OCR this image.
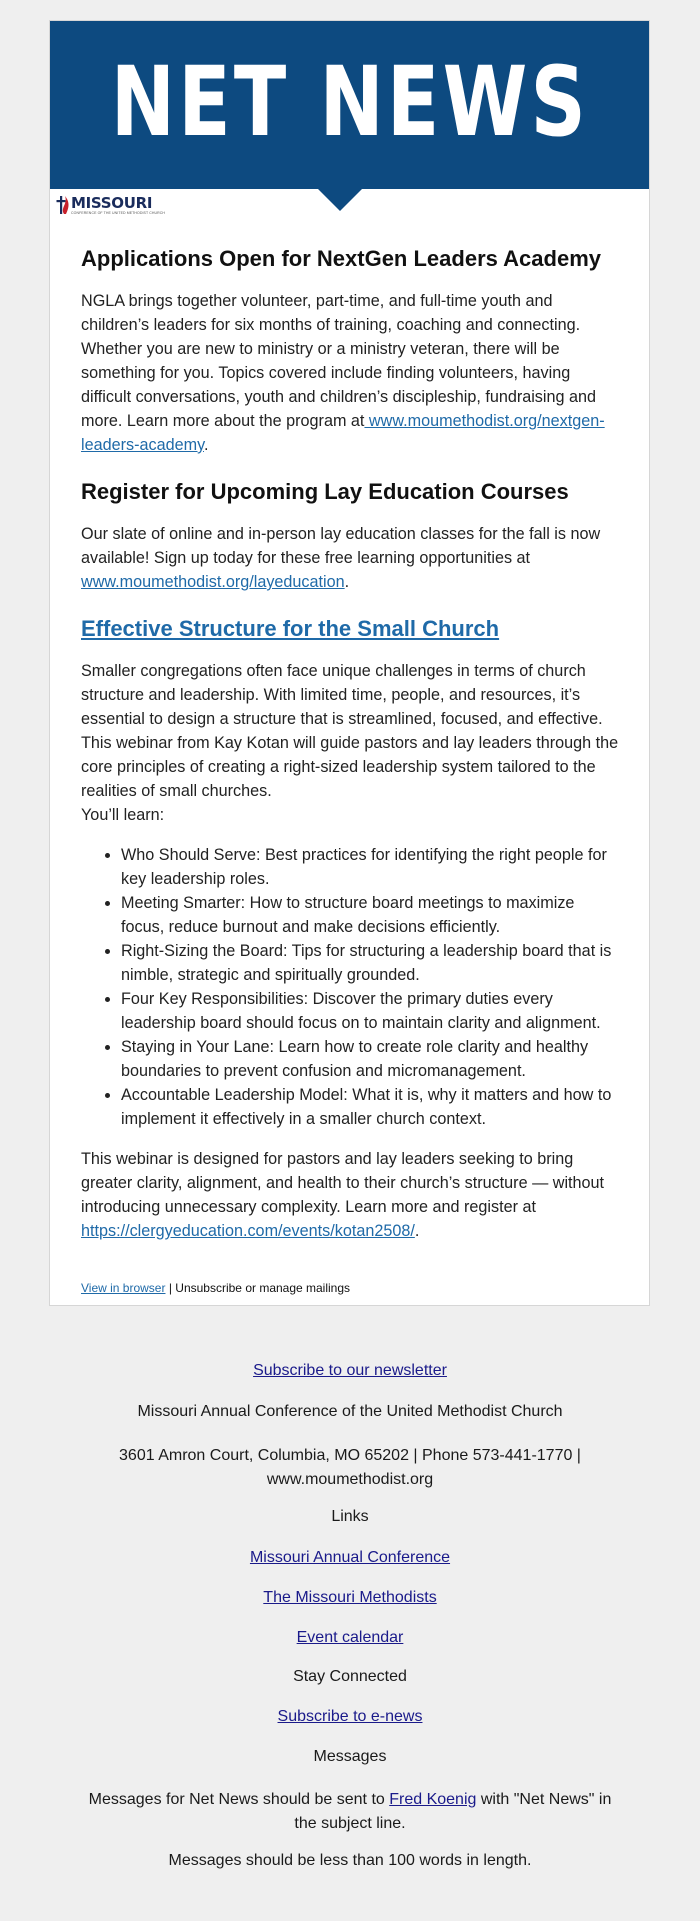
NET NEWS
MISSOURI
CONFERENCE OF THE UNITED METHODIST CHURCH
Applications Open for NextGen Leaders Academy

NGLA brings together volunteer, part-time, and full-time youth and children’s leaders for six months of training, coaching and connecting. Whether you are new to ministry or a ministry veteran, there will be something for you. Topics covered include finding volunteers, having difficult conversations, youth and children’s discipleship, fundraising and more. Learn more about the program at www.moumethodist.org/nextgen-leaders-academy.

Register for Upcoming Lay Education Courses

Our slate of online and in-person lay education classes for the fall is now available! Sign up today for these free learning opportunities at www.moumethodist.org/layeducation.

Effective Structure for the Small Church

Smaller congregations often face unique challenges in terms of church structure and leadership. With limited time, people, and resources, it’s essential to design a structure that is streamlined, focused, and effective. This webinar from Kay Kotan will guide pastors and lay leaders through the core principles of creating a right-sized leadership system tailored to the realities of small churches.

You’ll learn:

• Who Should Serve: Best practices for identifying the right people for key leadership roles.
• Meeting Smarter: How to structure board meetings to maximize focus, reduce burnout and make decisions efficiently.
• Right-Sizing the Board: Tips for structuring a leadership board that is nimble, strategic and spiritually grounded.
• Four Key Responsibilities: Discover the primary duties every leadership board should focus on to maintain clarity and alignment.
• Staying in Your Lane: Learn how to create role clarity and healthy boundaries to prevent confusion and micromanagement.
• Accountable Leadership Model: What it is, why it matters and how to implement it effectively in a smaller church context.

This webinar is designed for pastors and lay leaders seeking to bring greater clarity, alignment, and health to their church’s structure — without introducing unnecessary complexity. Learn more and register at https://clergyeducation.com/events/kotan2508/.

View in browser | Unsubscribe or manage mailings
Subscribe to our newsletter
Missouri Annual Conference of the United Methodist Church
3601 Amron Court, Columbia, MO 65202 | Phone 573-441-1770 |
www.moumethodist.org
Links
Missouri Annual Conference
The Missouri Methodists
Event calendar
Stay Connected
Subscribe to e-news
Messages
Messages for Net News should be sent to Fred Koenig with "Net News" in
the subject line.
Messages should be less than 100 words in length.
